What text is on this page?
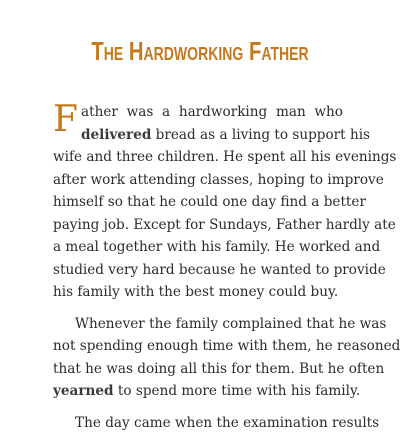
The Hardworking Father
F ather was a hardworking man who
delivered bread as a living to support his
wife and three children. He spent all his evenings
after work attending classes, hoping to improve
himself so that he could one day find a better
paying job. Except for Sundays, Father hardly ate
a meal together with his family. He worked and
studied very hard because he wanted to provide
his family with the best money could buy.
Whenever the family complained that he was
not spending enough time with them, he reasoned
that he was doing all this for them. But he often
yearned to spend more time with his family.
The day came when the examination results
